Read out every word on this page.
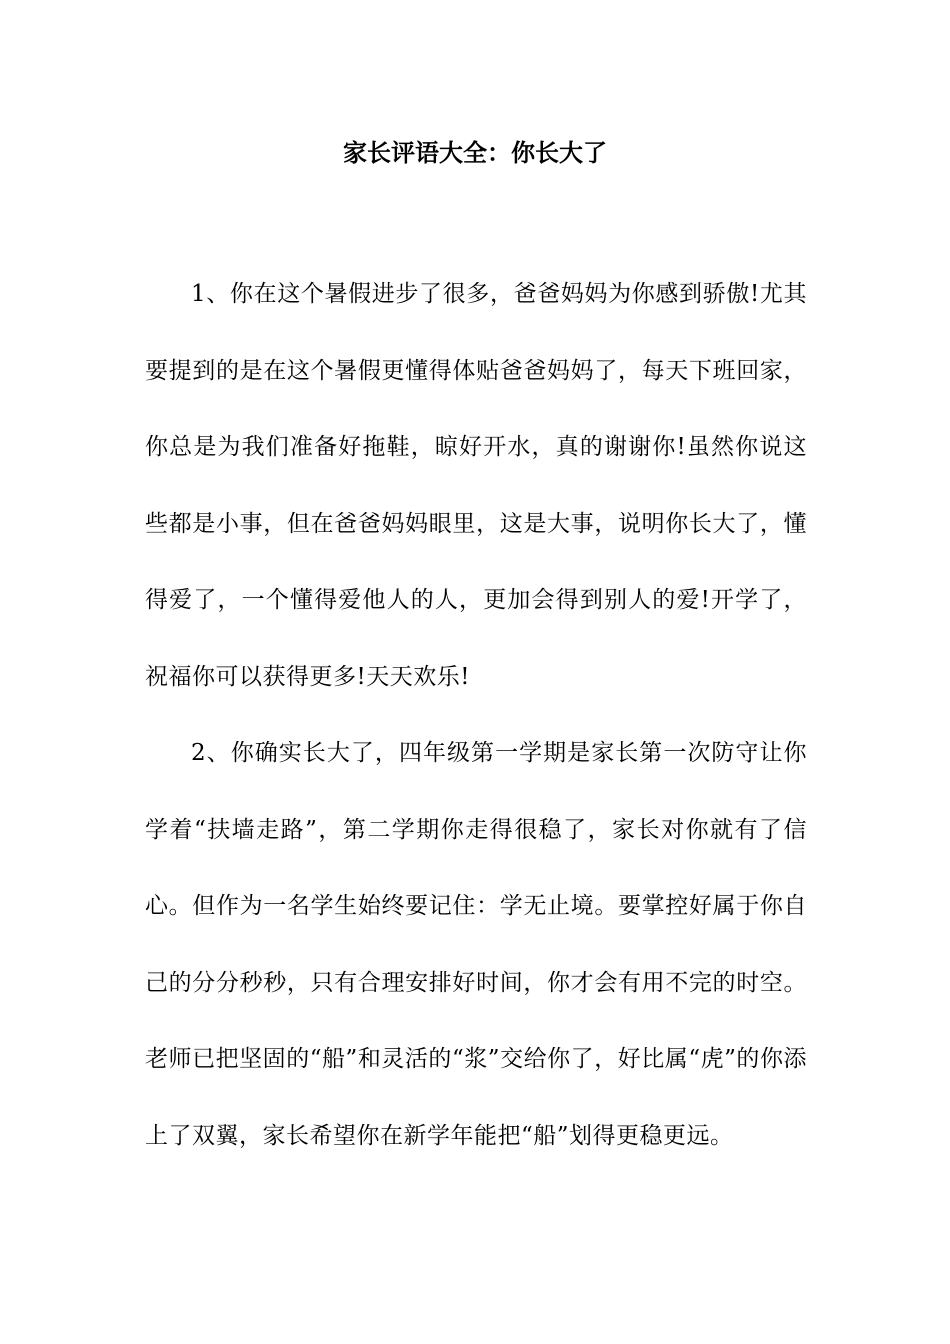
家长评语大全：你长大了

1、你在这个暑假进步了很多，爸爸妈妈为你感到骄傲!尤其要提到的是在这个暑假更懂得体贴爸爸妈妈了，每天下班回家，你总是为我们准备好拖鞋，晾好开水，真的谢谢你!虽然你说这些都是小事，但在爸爸妈妈眼里，这是大事，说明你长大了，懂得爱了，一个懂得爱他人的人，更加会得到别人的爱!开学了，祝福你可以获得更多!天天欢乐!

2、你确实长大了，四年级第一学期是家长第一次防守让你学着“扶墙走路”，第二学期你走得很稳了，家长对你就有了信心。但作为一名学生始终要记住：学无止境。要掌控好属于你自己的分分秒秒，只有合理安排好时间，你才会有用不完的时空。老师已把坚固的“船”和灵活的“浆”交给你了，好比属“虎”的你添上了双翼，家长希望你在新学年能把“船”划得更稳更远。
